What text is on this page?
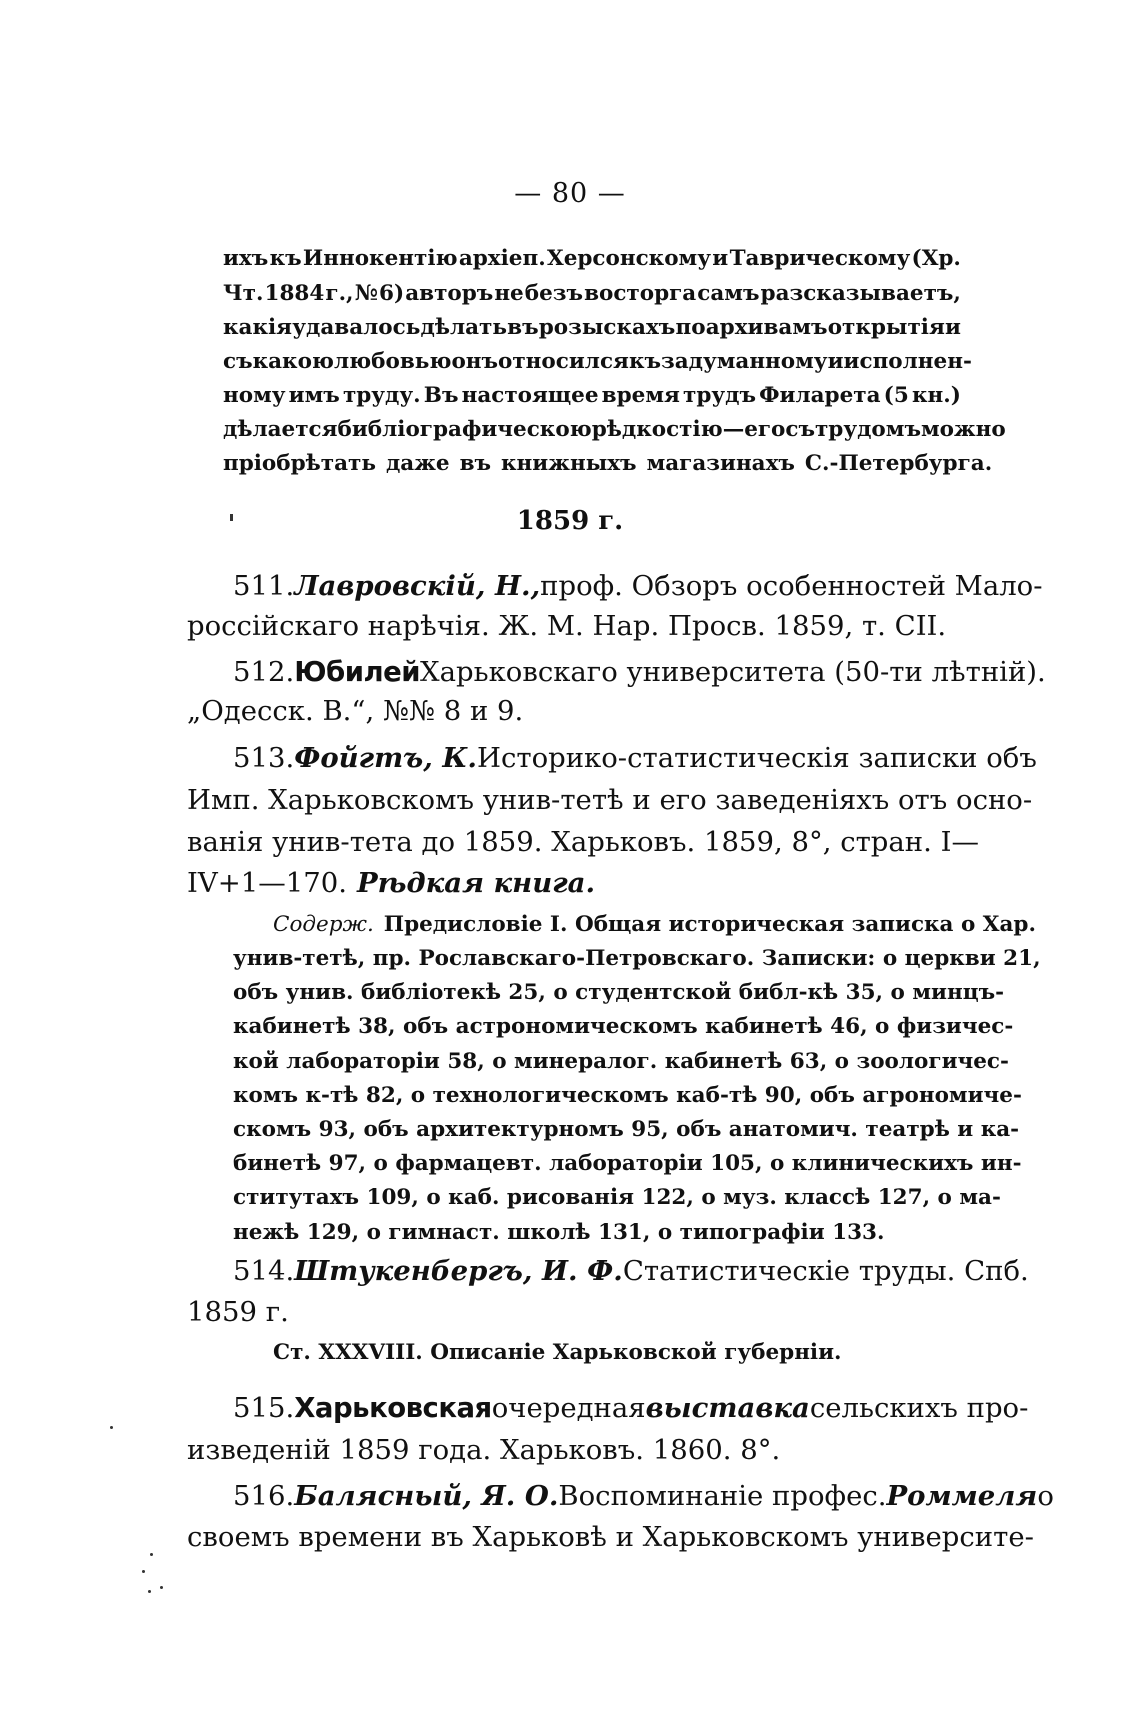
— 80 —
ихъ къ Иннокентію архіеп. Херсонскому и Таврическому (Хр.
Чт. 1884 г., № 6) авторъ не безъ восторга самъ разсказываетъ,
какія удавалось дѣлать въ розыскахъ по архивамъ открытія и
съ какою любовью онъ относился къ задуманному и исполнен-
ному имъ труду. Въ настоящее время трудъ Филарета (5 кн.)
дѣлается библіографическою рѣдкостію—его съ трудомъ можно
пріобрѣтать даже въ книжныхъ магазинахъ С.-Петербурга.
1859 г.
511. Лавровскій, Н., проф. Обзоръ особенностей Мало-
россійскаго нарѣчія. Ж. М. Нар. Просв. 1859, т. CII.
512. Юбилей Харьковскаго университета (50-ти лѣтній).
„Одесск. В.“, №№ 8 и 9.
513. Фойгтъ, К. Историко-статистическія записки объ
Имп. Харьковскомъ унив-тетѣ и его заведеніяхъ отъ осно-
ванія унив-тета до 1859. Харьковъ. 1859, 8°, стран. I—
IV+1—170. Рѣдкая книга.
Содерж. Предисловіе I. Общая историческая записка о Хар.
унив-тетѣ, пр. Рославскаго-Петровскаго. Записки: о церкви 21,
объ унив. библіотекѣ 25, о студентской библ-кѣ 35, о минцъ-
кабинетѣ 38, объ астрономическомъ кабинетѣ 46, о физичес-
кой лабораторіи 58, о минералог. кабинетѣ 63, о зоологичес-
комъ к-тѣ 82, о технологическомъ каб-тѣ 90, объ агрономиче-
скомъ 93, объ архитектурномъ 95, объ анатомич. театрѣ и ка-
бинетѣ 97, о фармацевт. лабораторіи 105, о клиническихъ ин-
ститутахъ 109, о каб. рисованія 122, о муз. классѣ 127, о ма-
нежѣ 129, о гимнаст. школѣ 131, о типографіи 133.
514. Штукенбергъ, И. Ф. Статистическіе труды. Спб.
1859 г.
Ст. XXXVIII. Описаніе Харьковской губерніи.
515. Харьковская очередная выставка сельскихъ про-
изведеній 1859 года. Харьковъ. 1860. 8°.
516. Балясный, Я. О. Воспоминаніе профес. Роммеля о
своемъ времени въ Харьковѣ и Харьковскомъ университе-
